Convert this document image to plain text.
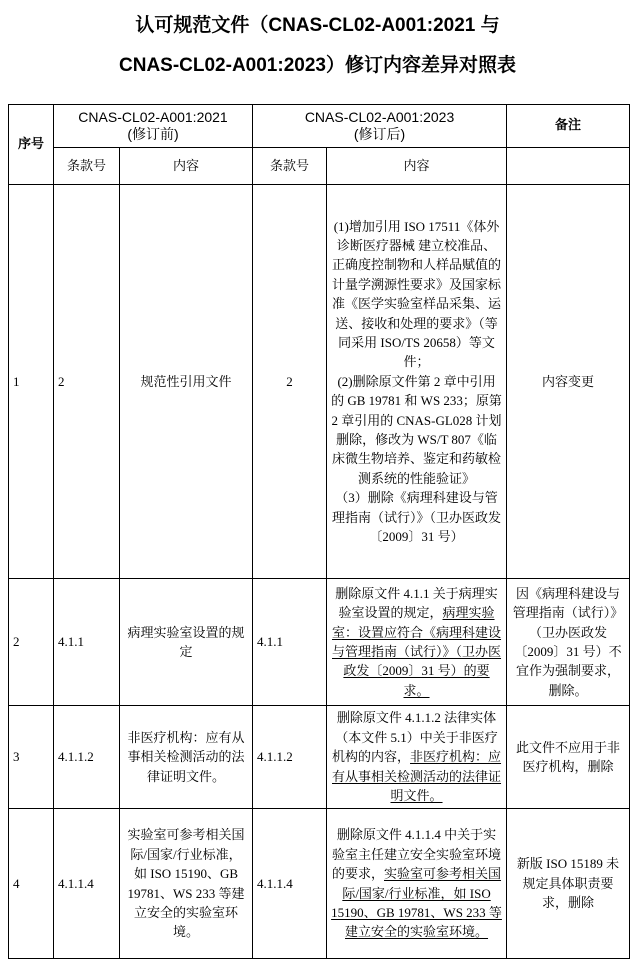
认可规范文件（CNAS-CL02-A001:2021 与
CNAS-CL02-A001:2023）修订内容差异对照表
序号	
CNAS-CL02-A001:2021
(修订前)

CNAS-CL02-A001:2023
(修订后)
	备注
	条款号	内容	条款号	内容	
1	2	规范性引用文件	2	(1)增加引用 ISO 17511《体外诊断医疗器械 建立校准品、正确度控制物和人样品赋值的计量学溯源性要求》及国家标准《医学实验室样品采集、运送、接收和处理的要求》（等同采用 ISO/TS 20658）等文件；
(2)删除原文件第 2 章中引用的 GB 19781 和 WS 233；原第 2 章引用的 CNAS-GL028 计划删除，修改为 WS/T 807《临床微生物培养、鉴定和药敏检测系统的性能验证》
（3）删除《病理科建设与管理指南（试行）》（卫办医政发〔2009〕31 号）	内容变更
2	4.1.1	病理实验室设置的规定	4.1.1	删除原文件 4.1.1 关于病理实验室设置的规定，病理实验室：设置应符合《病理科建设与管理指南（试行）》（卫办医政发〔2009〕31 号）的要求。	因《病理科建设与管理指南（试行）》（卫办医政发〔2009〕31 号）不宜作为强制要求，删除。
3	4.1.1.2	非医疗机构：应有从事相关检测活动的法律证明文件。	4.1.1.2	删除原文件 4.1.1.2 法律实体（本文件 5.1）中关于非医疗机构的内容，非医疗机构：应有从事相关检测活动的法律证明文件。	此文件不应用于非医疗机构，删除
4	4.1.1.4	实验室可参考相关国际/国家/行业标准，如 ISO 15190、GB 19781、WS 233 等建立安全的实验室环境。	4.1.1.4	删除原文件 4.1.1.4 中关于实验室主任建立安全实验室环境的要求，实验室可参考相关国际/国家/行业标准，如 ISO 15190、GB 19781、WS 233 等建立安全的实验室环境。	新版 ISO 15189 未规定具体职责要求，删除
